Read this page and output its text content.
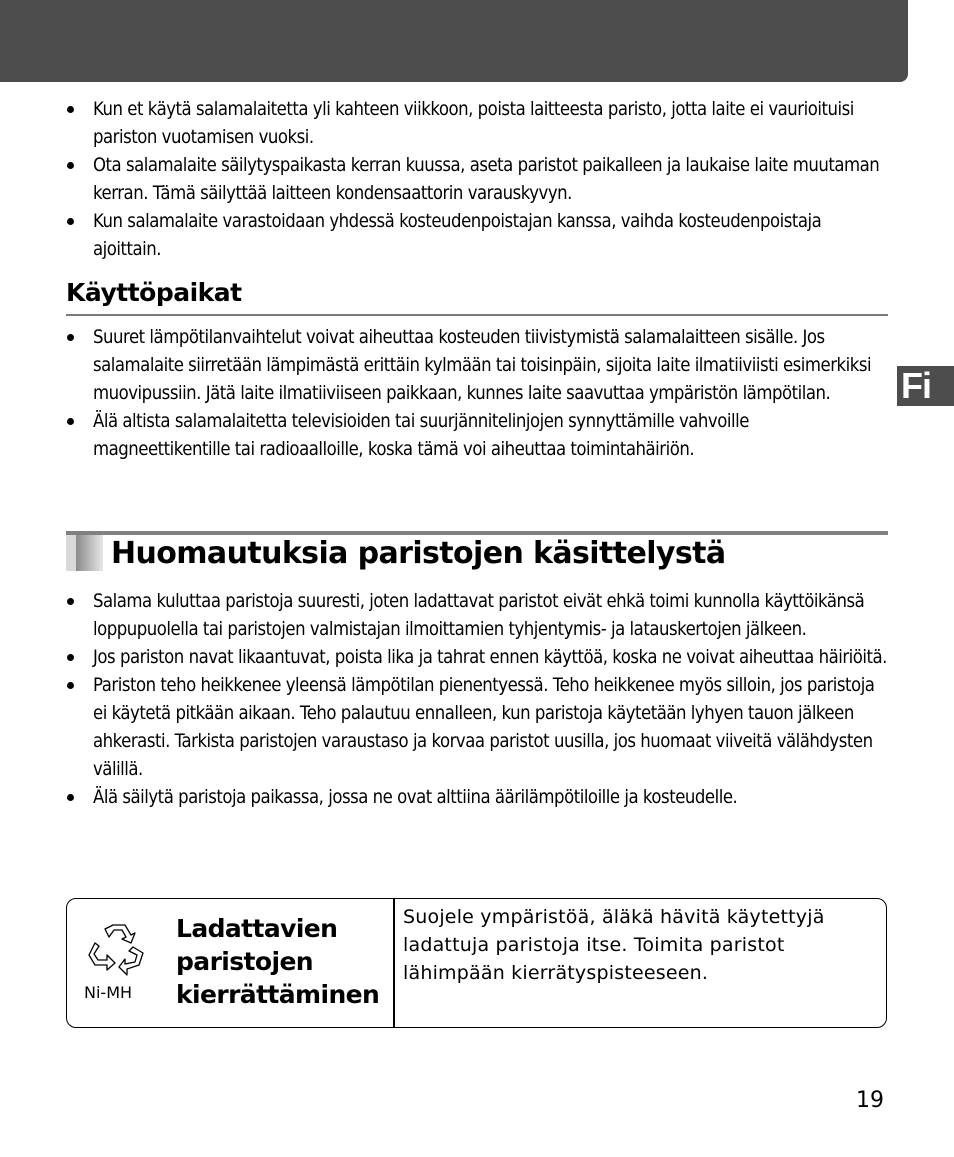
Fi
Kun et käytä salamalaitetta yli kahteen viikkoon, poista laitteesta paristo, jotta laite ei vaurioituisi pariston vuotamisen vuoksi.
Ota salamalaite säilytyspaikasta kerran kuussa, aseta paristot paikalleen ja laukaise laite muutaman kerran. Tämä säilyttää laitteen kondensaattorin varauskyvyn.
Kun salamalaite varastoidaan yhdessä kosteudenpoistajan kanssa, vaihda kosteudenpoistaja ajoittain.
Käyttöpaikat
Suuret lämpötilanvaihtelut voivat aiheuttaa kosteuden tiivistymistä salamalaitteen sisälle. Jos salamalaite siirretään lämpimästä erittäin kylmään tai toisinpäin, sijoita laite ilmatiiviisti esimerkiksi muovipussiin. Jätä laite ilmatiiviiseen paikkaan, kunnes laite saavuttaa ympäristön lämpötilan.
Älä altista salamalaitetta televisioiden tai suurjännitelinjojen synnyttämille vahvoille magneettikentille tai radioaalloille, koska tämä voi aiheuttaa toimintahäiriön.
Huomautuksia paristojen käsittelystä
Salama kuluttaa paristoja suuresti, joten ladattavat paristot eivät ehkä toimi kunnolla käyttöikänsä loppupuolella tai paristojen valmistajan ilmoittamien tyhjentymis- ja latauskertojen jälkeen.
Jos pariston navat likaantuvat, poista lika ja tahrat ennen käyttöä, koska ne voivat aiheuttaa häiriöitä.
Pariston teho heikkenee yleensä lämpötilan pienentyessä. Teho heikkenee myös silloin, jos paristoja ei käytetä pitkään aikaan. Teho palautuu ennalleen, kun paristoja käytetään lyhyen tauon jälkeen ahkerasti. Tarkista paristojen varaustaso ja korvaa paristot uusilla, jos huomaat viiveitä välähdysten välillä.
Älä säilytä paristoja paikassa, jossa ne ovat alttiina äärilämpötiloille ja kosteudelle.
Ni-MH
Ladattavien
paristojen
kierrättäminen
Suojele ympäristöä, äläkä hävitä käytettyjä
ladattuja paristoja itse. Toimita paristot
lähimpään kierrätyspisteeseen.
19
